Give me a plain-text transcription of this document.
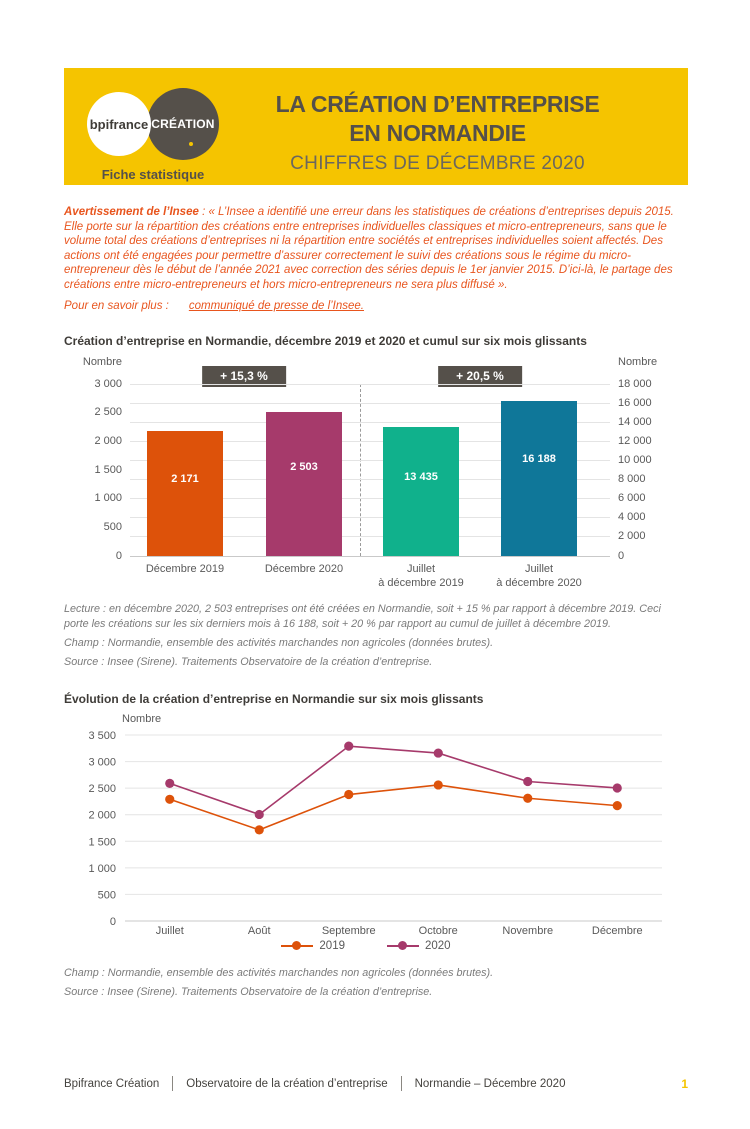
bpifrance CRÉATION
Fiche statistique
LA CRÉATION D’ENTREPRISE
EN NORMANDIE
CHIFFRES DE DÉCEMBRE 2020

Avertissement de l’Insee : « L’Insee a identifié une erreur dans les statistiques de créations d’entreprises depuis 2015. Elle porte sur la répartition des créations entre entreprises individuelles classiques et micro-entrepreneurs, sans que le volume total des créations d’entreprises ni la répartition entre sociétés et entreprises individuelles soient affectés. Des actions ont été engagées pour permettre d’assurer correctement le suivi des créations sous le régime du micro-entrepreneur dès le début de l’année 2021 avec correction des séries depuis le 1er janvier 2015. D’ici-là, le partage des créations entre micro-entrepreneurs et hors micro-entrepreneurs ne sera plus diffusé ».

Pour en savoir plus : communiqué de presse de l’Insee.

Création d’entreprise en Normandie, décembre 2019 et 2020 et cumul sur six mois glissants
Nombre	Nombre
+ 15,3 %	+ 20,5 %
18 000
16 000
14 000
12 000
10 000
8 000
6 000
4 000
2 000
0
3 000
2 500
2 000
1 500
1 000
500
0
2 171
Décembre 2019
2 503
Décembre 2020
13 435
Juillet
à décembre 2019
16 188
Juillet
à décembre 2020

Lecture : en décembre 2020, 2 503 entreprises ont été créées en Normandie, soit + 15 % par rapport à décembre 2019. Ceci porte les créations sur les six derniers mois à 16 188, soit + 20 % par rapport au cumul de juillet à décembre 2019.

Champ : Normandie, ensemble des activités marchandes non agricoles (données brutes).

Source : Insee (Sirene). Traitements Observatoire de la création d’entreprise.

Évolution de la création d’entreprise en Normandie sur six mois glissants
Nombre
3 500
3 000
2 500
2 000
1 500
1 000
500
0
Juillet	Août	Septembre	Octobre	Novembre	Décembre
2019	2020

Champ : Normandie, ensemble des activités marchandes non agricoles (données brutes).

Source : Insee (Sirene). Traitements Observatoire de la création d’entreprise.

Bpifrance Création Observatoire de la création d’entreprise Normandie – Décembre 2020	1
